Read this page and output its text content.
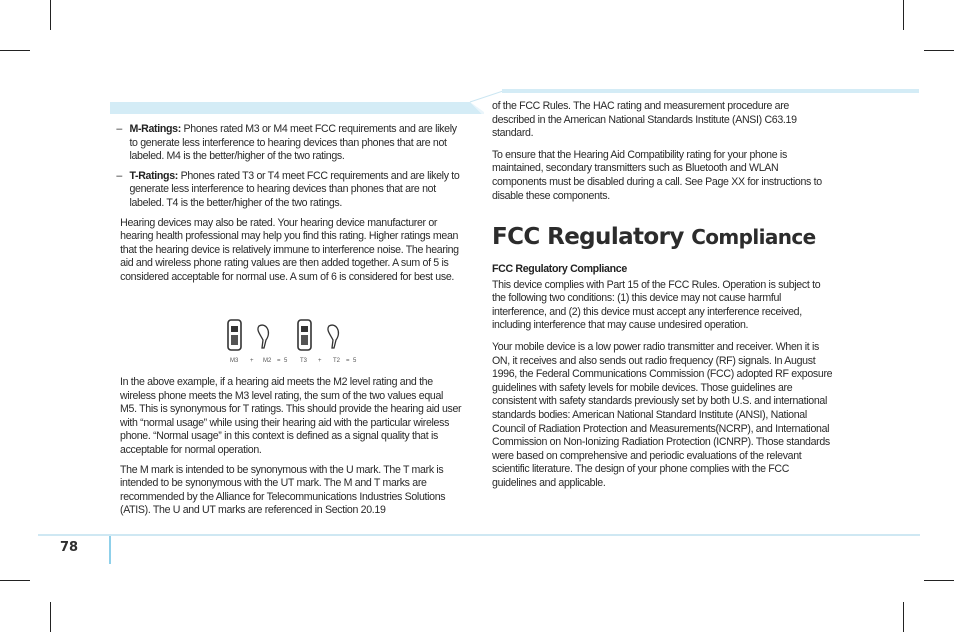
78
– M-Ratings: Phones rated M3 or M4 meet FCC requirements and are likely to generate less interference to hearing devices than phones that are not labeled. M4 is the better/higher of the two ratings.
– T-Ratings: Phones rated T3 or T4 meet FCC requirements and are likely to generate less interference to hearing devices than phones that are not labeled. T4 is the better/higher of the two ratings.

Hearing devices may also be rated. Your hearing device manufacturer or hearing health professional may help you find this rating. Higher ratings mean that the hearing device is relatively immune to interference noise. The hearing aid and wireless phone rating values are then added together. A sum of 5 is considered acceptable for normal use. A sum of 6 is considered for best use.

M3 + M2 = 5 T3 + T2 = 5

In the above example, if a hearing aid meets the M2 level rating and the wireless phone meets the M3 level rating, the sum of the two values equal M5. This is synonymous for T ratings. This should provide the hearing aid user with “normal usage” while using their hearing aid with the particular wireless phone. “Normal usage” in this context is defined as a signal quality that is acceptable for normal operation.

The M mark is intended to be synonymous with the U mark. The T mark is intended to be synonymous with the UT mark. The M and T marks are recommended by the Alliance for Telecommunications Industries Solutions (ATIS). The U and UT marks are referenced in Section 20.19

of the FCC Rules. The HAC rating and measurement procedure are described in the American National Standards Institute (ANSI) C63.19 standard.

To ensure that the Hearing Aid Compatibility rating for your phone is maintained, secondary transmitters such as Bluetooth and WLAN components must be disabled during a call. See Page XX for instructions to disable these components.

FCC Regulatory Compliance

FCC Regulatory Compliance

This device complies with Part 15 of the FCC Rules. Operation is subject to the following two conditions: (1) this device may not cause harmful interference, and (2) this device must accept any interference received, including interference that may cause undesired operation.

Your mobile device is a low power radio transmitter and receiver. When it is ON, it receives and also sends out radio frequency (RF) signals. In August 1996, the Federal Communications Commission (FCC) adopted RF exposure guidelines with safety levels for mobile devices. Those guidelines are consistent with safety standards previously set by both U.S. and international standards bodies: American National Standard Institute (ANSI), National Council of Radiation Protection and Measurements(NCRP), and International Commission on Non-Ionizing Radiation Protection (ICNRP). Those standards were based on comprehensive and periodic evaluations of the relevant scientific literature. The design of your phone complies with the FCC guidelines and applicable.
